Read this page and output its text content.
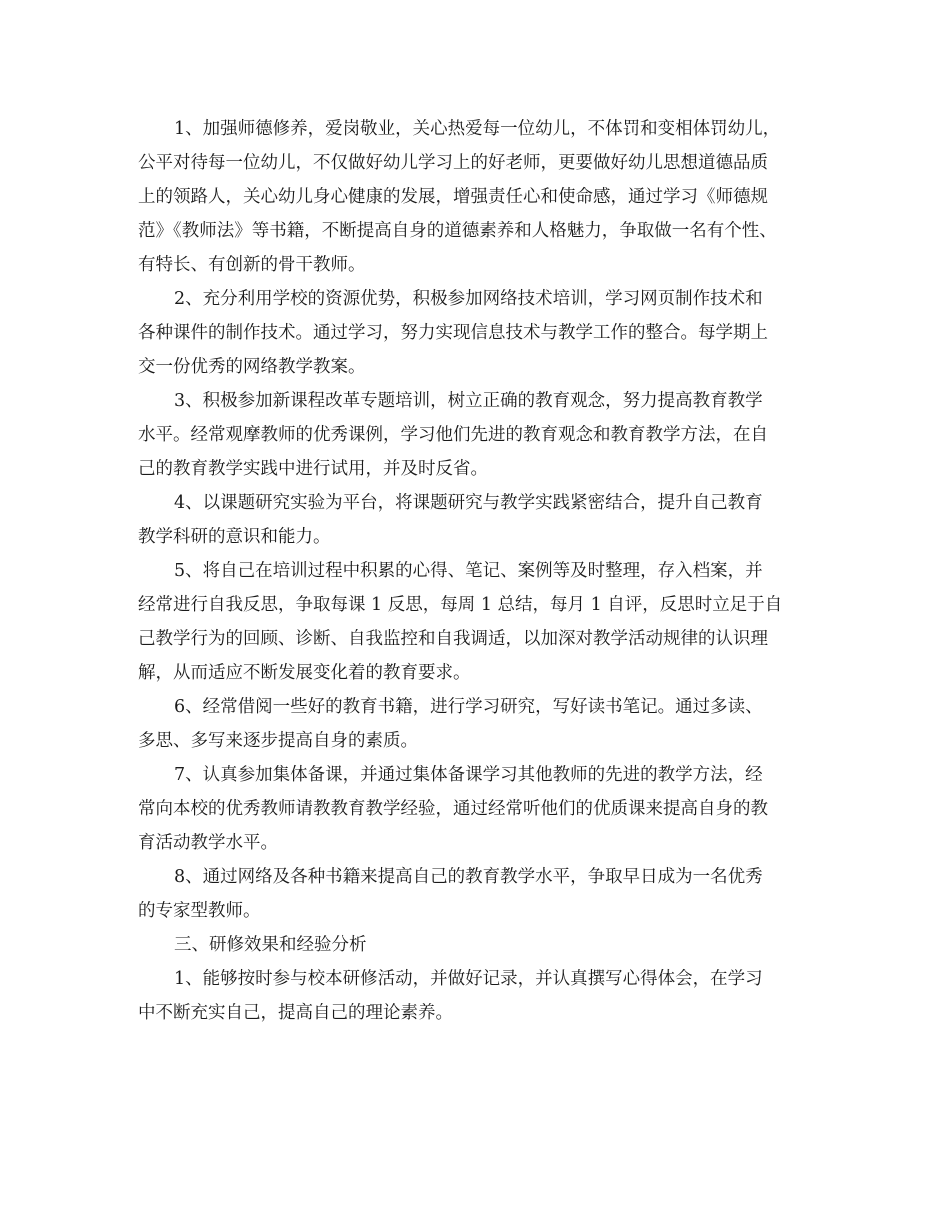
1、加强师德修养，爱岗敬业，关心热爱每一位幼儿，不体罚和变相体罚幼儿，
公平对待每一位幼儿，不仅做好幼儿学习上的好老师，更要做好幼儿思想道德品质
上的领路人，关心幼儿身心健康的发展，增强责任心和使命感，通过学习《师德规
范》《教师法》等书籍，不断提高自身的道德素养和人格魅力，争取做一名有个性、
有特长、有创新的骨干教师。
2、充分利用学校的资源优势，积极参加网络技术培训，学习网页制作技术和
各种课件的制作技术。通过学习，努力实现信息技术与教学工作的整合。每学期上
交一份优秀的网络教学教案。
3、积极参加新课程改革专题培训，树立正确的教育观念，努力提高教育教学
水平。经常观摩教师的优秀课例，学习他们先进的教育观念和教育教学方法，在自
己的教育教学实践中进行试用，并及时反省。
4、以课题研究实验为平台，将课题研究与教学实践紧密结合，提升自己教育
教学科研的意识和能力。
5、将自己在培训过程中积累的心得、笔记、案例等及时整理，存入档案，并
经常进行自我反思，争取每课 1 反思，每周 1 总结，每月 1 自评，反思时立足于自
己教学行为的回顾、诊断、自我监控和自我调适，以加深对教学活动规律的认识理
解，从而适应不断发展变化着的教育要求。
6、经常借阅一些好的教育书籍，进行学习研究，写好读书笔记。通过多读、
多思、多写来逐步提高自身的素质。
7、认真参加集体备课，并通过集体备课学习其他教师的先进的教学方法，经
常向本校的优秀教师请教教育教学经验，通过经常听他们的优质课来提高自身的教
育活动教学水平。
8、通过网络及各种书籍来提高自己的教育教学水平，争取早日成为一名优秀
的专家型教师。
三、研修效果和经验分析
1、能够按时参与校本研修活动，并做好记录，并认真撰写心得体会，在学习
中不断充实自己，提高自己的理论素养。
